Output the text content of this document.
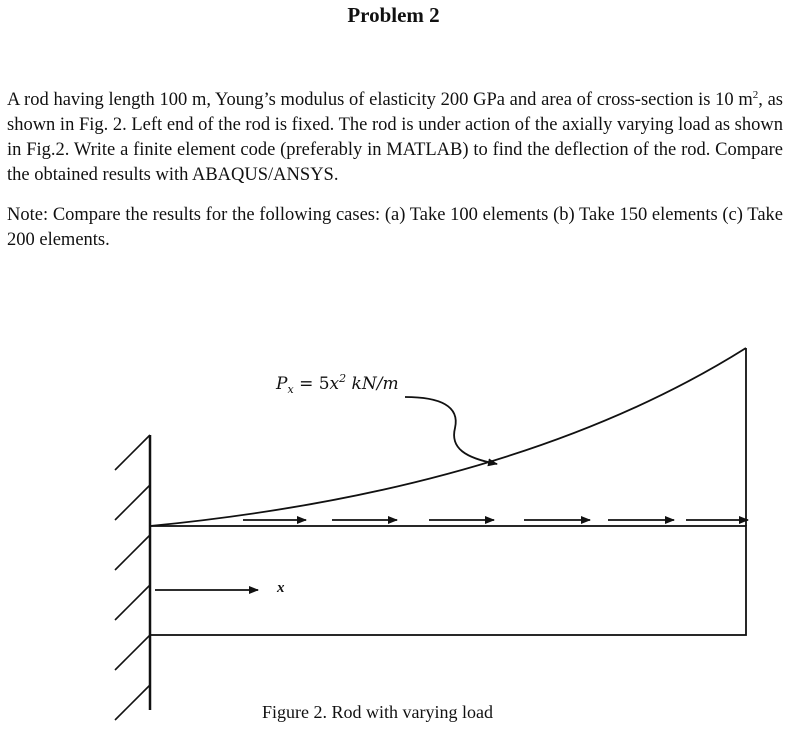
Problem 2
A rod having length 100 m, Young’s modulus of elasticity 200 GPa and area of cross-section is 10 $m^2$, as shown in Fig. 2. Left end of the rod is fixed. The rod is under action of the axially varying load as shown in Fig.2. Write a finite element code (preferably in MATLAB) to find the deflection of the rod. Compare the obtained results with ABAQUS/ANSYS.
Note: Compare the results for the following cases: (a) Take 100 elements (b) Take 150 elements (c) Take 200 elements.
$P_x = 5x^2$ kN/m
x
Figure 2. Rod with varying load
